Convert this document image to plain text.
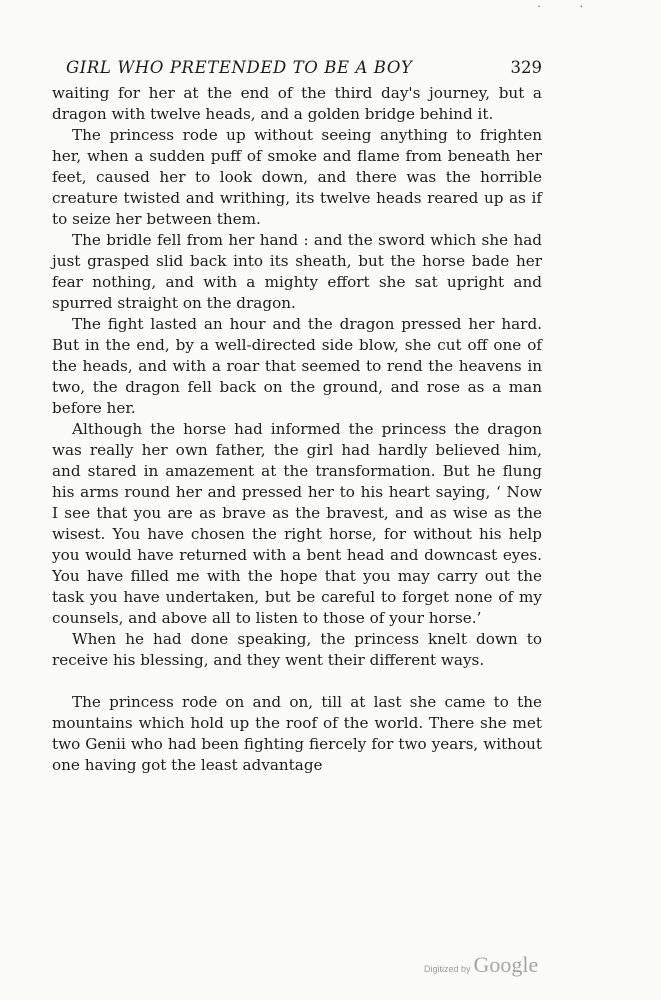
· ·
GIRL WHO PRETENDED TO BE A BOY	329

waiting for her at the end of the third day's journey, but a dragon with twelve heads, and a golden bridge behind it.

The princess rode up without seeing anything to frighten her, when a sudden puff of smoke and flame from beneath her feet, caused her to look down, and there was the horrible creature twisted and writhing, its twelve heads reared up as if to seize her between them.

The bridle fell from her hand : and the sword which she had just grasped slid back into its sheath, but the horse bade her fear nothing, and with a mighty effort she sat upright and spurred straight on the dragon.

The fight lasted an hour and the dragon pressed her hard. But in the end, by a well-directed side blow, she cut off one of the heads, and with a roar that seemed to rend the heavens in two, the dragon fell back on the ground, and rose as a man before her.

Although the horse had informed the princess the dragon was really her own father, the girl had hardly believed him, and stared in amazement at the transformation. But he flung his arms round her and pressed her to his heart saying, ‘ Now I see that you are as brave as the bravest, and as wise as the wisest. You have chosen the right horse, for without his help you would have returned with a bent head and downcast eyes. You have filled me with the hope that you may carry out the task you have undertaken, but be careful to forget none of my counsels, and above all to listen to those of your horse.’

When he had done speaking, the princess knelt down to receive his blessing, and they went their different ways.

The princess rode on and on, till at last she came to the mountains which hold up the roof of the world. There she met two Genii who had been fighting fiercely for two years, without one having got the least advantage

Digitized by Google
